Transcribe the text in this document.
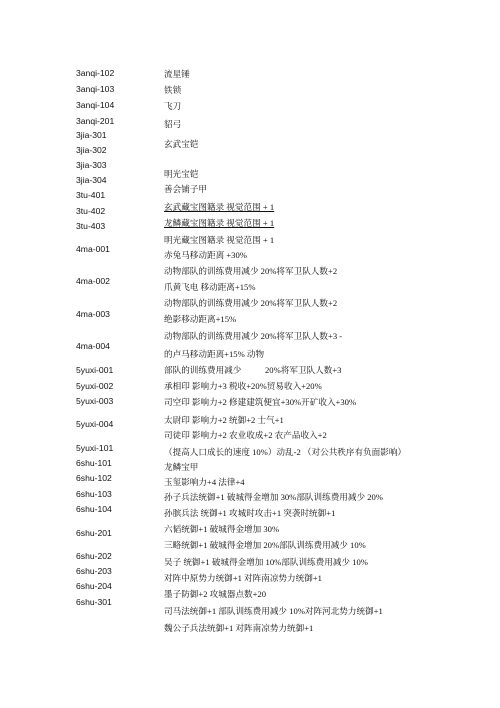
3anqi-102
3anqi-103
3anqi-104
3anqi-201
3jia-301
3jia-302
3jia-303
3jia-304
3tu-401
3tu-402
3tu-403
4ma-001
4ma-002
4ma-003
4ma-004
5yuxi-001
5yuxi-002
5yuxi-003
5yuxi-004
5yuxi-101
6shu-101
6shu-102
6shu-103
6shu-104
6shu-201
6shu-202
6shu-203
6shu-204
6shu-301
流星锤
铁锁
飞刀
貂弓
玄武宝铠
明光宝铠
善会铺子甲
玄武藏宝图籍录 视觉范围 + 1
龙鳞藏宝图籍录 视觉范围 + 1
明光藏宝图籍录 视觉范围 + 1
赤兔马移动距离 +30%
动物部队的训练费用减少 20%将军卫队人数+2
爪黄飞电 移动距离+15%
动物部队的训练费用减少 20%将军卫队人数+2
绝影移动距离+15%
动物部队的训练费用减少 20%将军卫队人数+3 -
的卢马移动距离+15% 动物
部队的训练费用减少	20%将军卫队人数+3
承相印 影响力+3 税收+20%贸易收入+20%
司空印 影响力+2 修建建筑便宜+30%开矿收入+30%
太尉印 影响力+2 统御+2 士气+1
司徒印 影响力+2 农业收成+2 农产品收入+2
（提高人口成长的速度 10%）动乱-2 （对公共秩序有负面影响）
龙鳞宝甲
玉玺影响力+4 法律+4
孙子兵法统御+1 破城得金增加 30%部队训练费用减少 20%
孙膑兵法 统御+1 攻城时攻击+1 突袭时统御+1
六韬统御+1 破城得金增加 30%
三略统御+1 破城得金增加 20%部队训练费用减少 10%
吴子 统御+1 破城得金增加 10%部队训练费用减少 10%
对阵中原势力统御+1 对阵南凉势力统御+1
墨子防御+2 攻城器点数+20
司马法统御+1 部队训练费用减少 10%对阵河北势力统御+1
魏公子兵法统御+1 对阵南凉势力统御+1
